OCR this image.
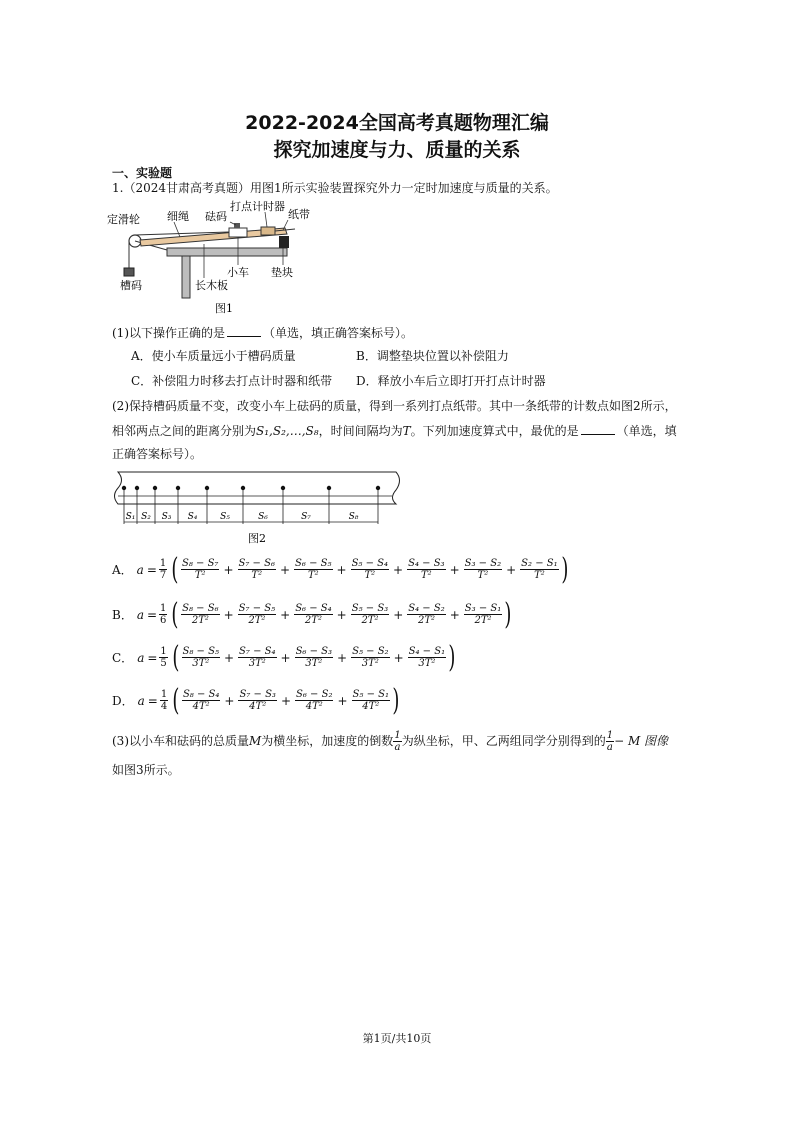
2022-2024全国高考真题物理汇编
探究加速度与力、质量的关系
一、实验题
1.（2024甘肃高考真题）用图1所示实验装置探究外力一定时加速度与质量的关系。
定滑轮 细绳 砝码
打点计时器
纸带
槽码	长木板
小车 垫块
图1
(1)以下操作正确的是	（单选，填正确答案标号）。
A．使小车质量远小于槽码质量	B．调整垫块位置以补偿阻力
C．补偿阻力时移去打点计时器和纸带 D．释放小车后立即打开打点计时器
(2)保持槽码质量不变，改变小车上砝码的质量，得到一系列打点纸带。其中一条纸带的计数点如图2所示，
相邻两点之间的距离分别为S₁,S₂,…,S₈，时间间隔均为T。下列加速度算式中，最优的是	（单选，填
正确答案标号）。
S₁ S₂ S₃ S₄	S₅	S₆	S₇	S₈
图2
A． $a = \frac{1}{7}$ ( $\frac{\text{S₈ − S₇}}{\text{T²}} + \frac{\text{S₇ − S₆}}{\text{T²}} + \frac{\text{S₆ − S₅}}{\text{T²}} + \frac{\text{S₅ − S₄}}{\text{T²}} + \frac{\text{S₄ − S₃}}{\text{T²}} + \frac{\text{S₃ − S₂}}{\text{T²}} + \frac{\text{S₂ − S₁}}{\text{T²}}$ )
B． $a = \frac{1}{6}$ ( $\frac{\text{S₈ − S₆}}{\text{2T²}} + \frac{\text{S₇ − S₅}}{\text{2T²}} + \frac{\text{S₆ − S₄}}{\text{2T²}} + \frac{\text{S₅ − S₃}}{\text{2T²}} + \frac{\text{S₄ − S₂}}{\text{2T²}} + \frac{\text{S₃ − S₁}}{\text{2T²}}$ )
C． $a = \frac{1}{5}$ ( $\frac{\text{S₈ − S₅}}{\text{3T²}} + \frac{\text{S₇ − S₄}}{\text{3T²}} + \frac{\text{S₆ − S₃}}{\text{3T²}} + \frac{\text{S₅ − S₂}}{\text{3T²}} + \frac{\text{S₄ − S₁}}{\text{3T²}}$ )
D． $a = \frac{1}{4}$ ( $\frac{\text{S₈ − S₄}}{\text{4T²}} + \frac{\text{S₇ − S₃}}{\text{4T²}} + \frac{\text{S₆ − S₂}}{\text{4T²}} + \frac{\text{S₅ − S₁}}{\text{4T²}}$ )
(3)以小车和砝码的总质量M为横坐标，加速度的倒数 $\frac{1}{a}$ 为纵坐标，甲、乙两组同学分别得到的 $\frac{1}{a} - M$ 图像
如图3所示。
第1页/共10页
